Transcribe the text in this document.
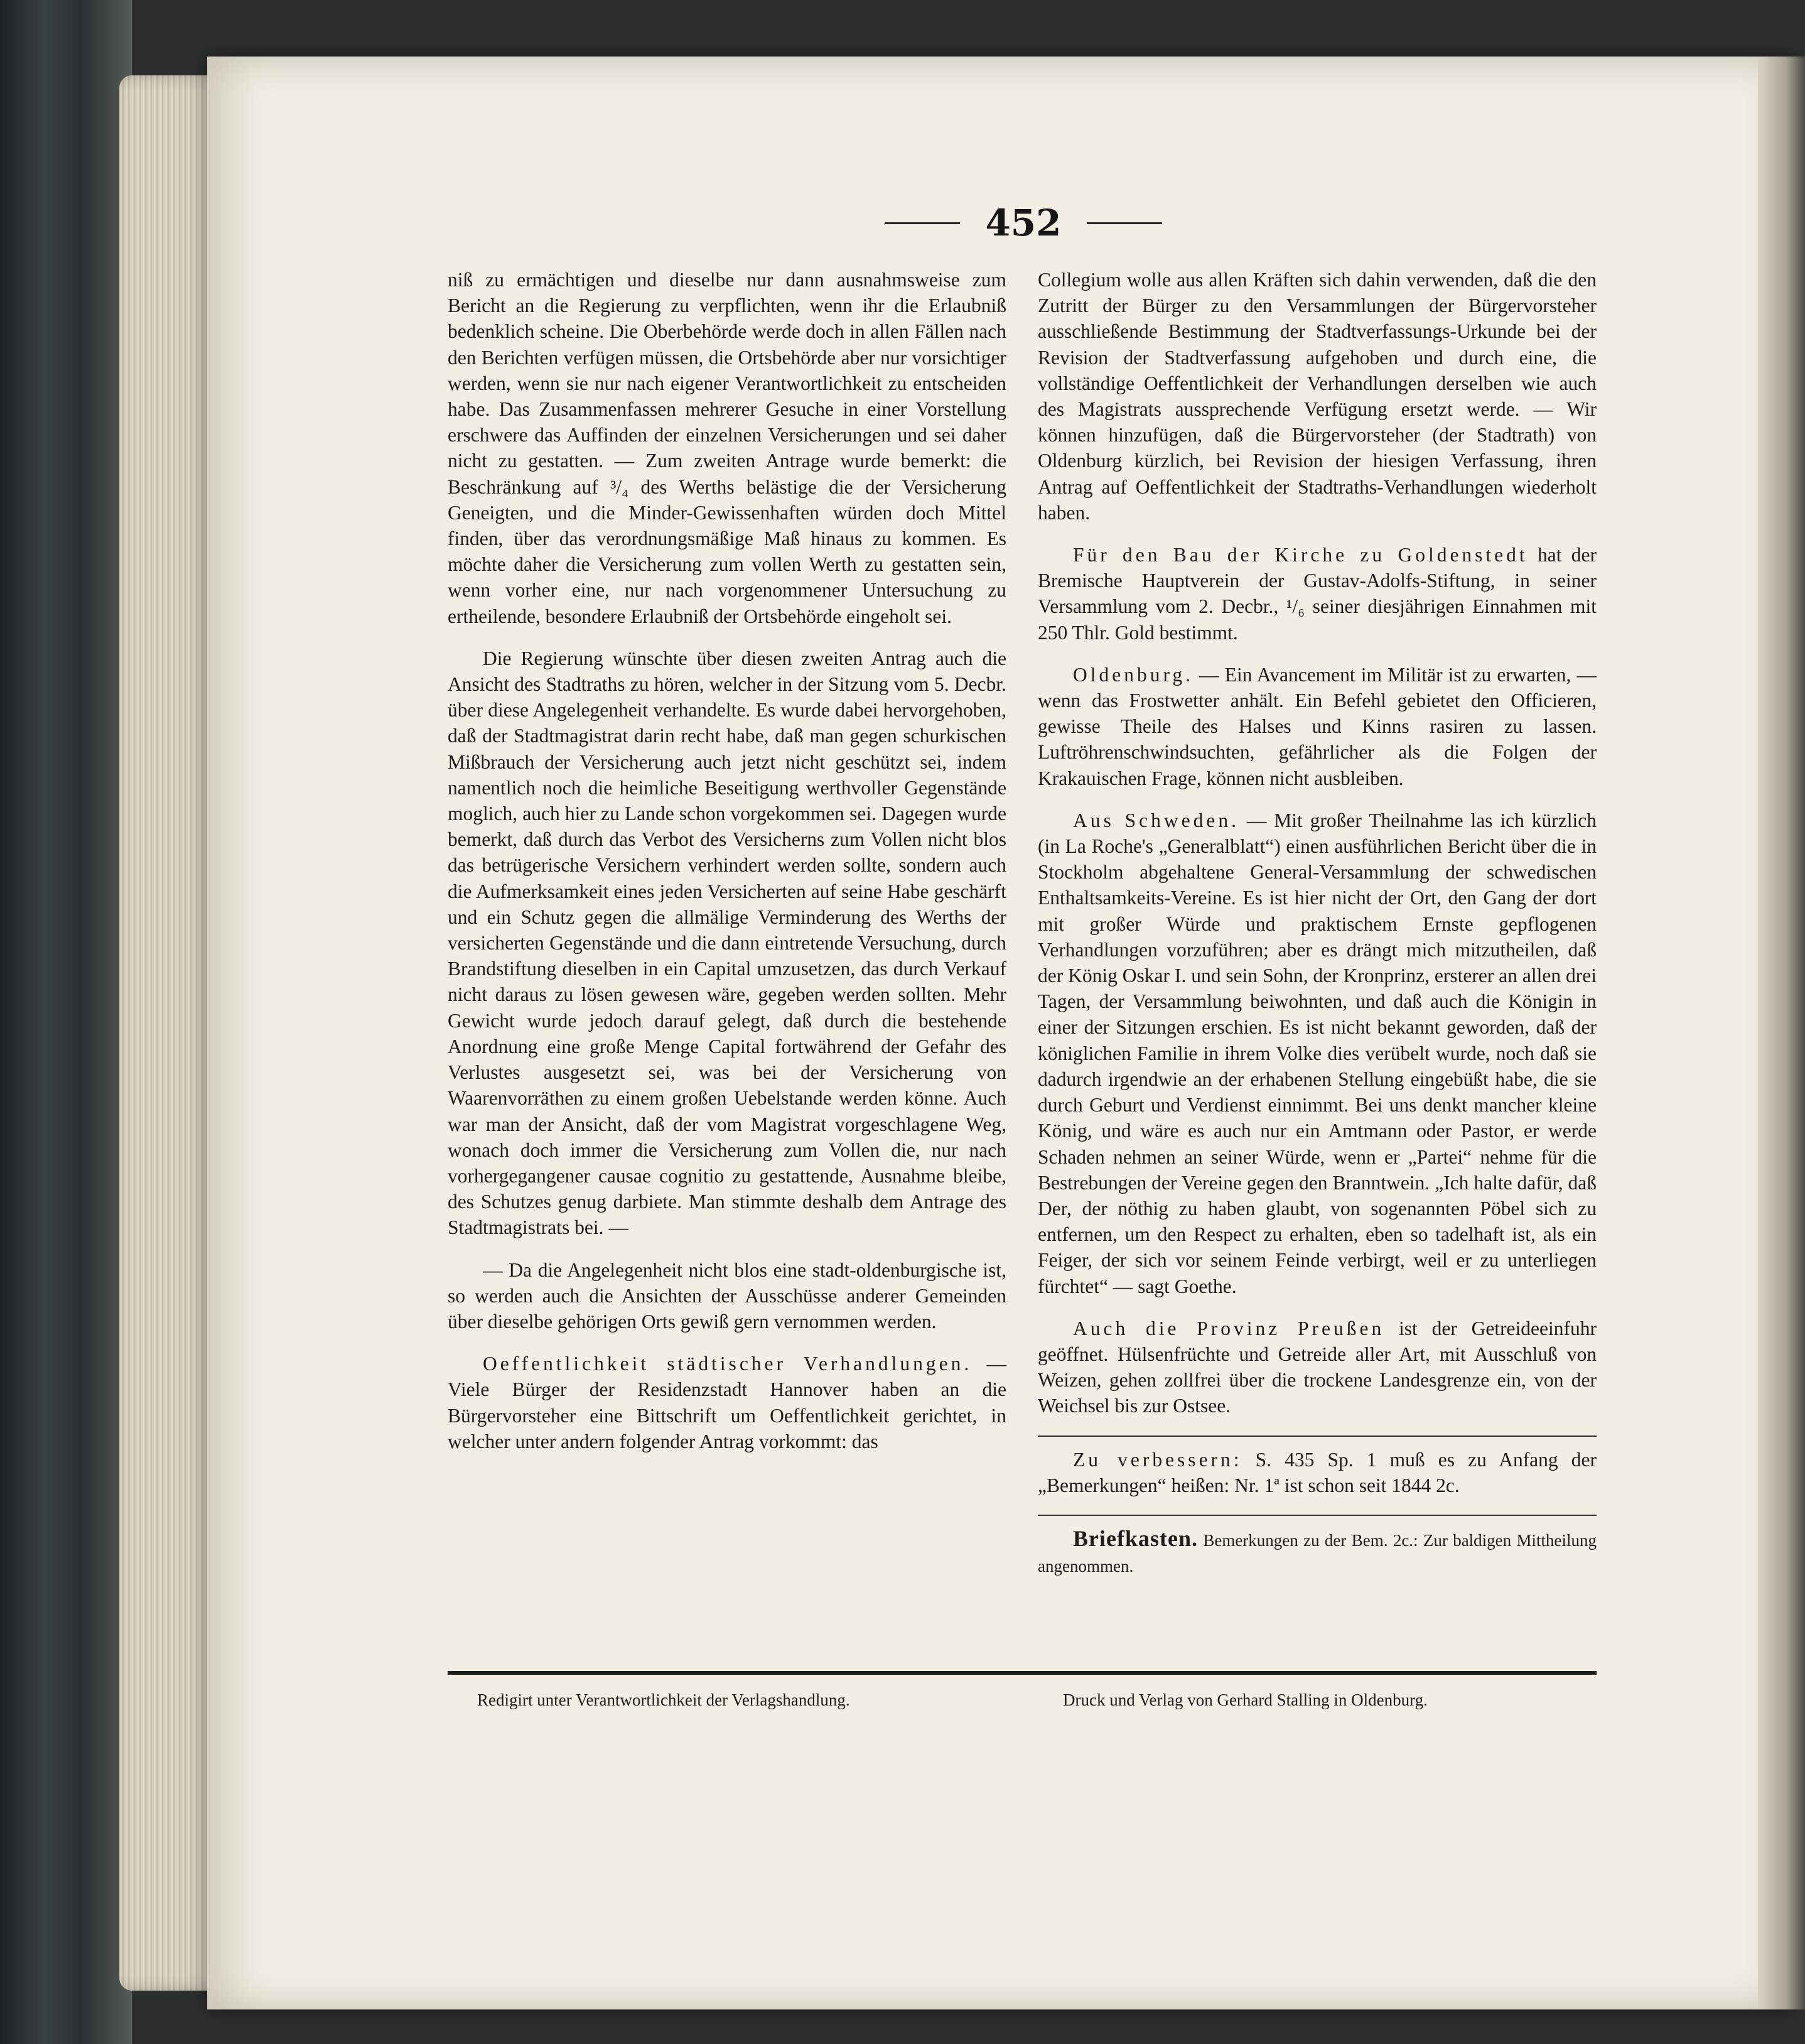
452

niß zu ermächtigen und dieselbe nur dann ausnahmsweise zum Bericht an die Regierung zu verpflichten, wenn ihr die Erlaubniß bedenklich scheine. Die Oberbehörde werde doch in allen Fällen nach den Berichten verfügen müssen, die Ortsbehörde aber nur vorsichtiger werden, wenn sie nur nach eigener Verantwortlichkeit zu entscheiden habe. Das Zusammenfassen mehrerer Gesuche in einer Vorstellung erschwere das Auffinden der einzelnen Versicherungen und sei daher nicht zu gestatten. — Zum zweiten Antrage wurde bemerkt: die Beschränkung auf ³/₄ des Werths belästige die der Versicherung Geneigten, und die Minder-Gewissenhaften würden doch Mittel finden, über das verordnungsmäßige Maß hinaus zu kommen. Es möchte daher die Versicherung zum vollen Werth zu gestatten sein, wenn vorher eine, nur nach vorgenommener Untersuchung zu ertheilende, besondere Erlaubniß der Ortsbehörde eingeholt sei.

Die Regierung wünschte über diesen zweiten Antrag auch die Ansicht des Stadtraths zu hören, welcher in der Sitzung vom 5. Decbr. über diese Angelegenheit verhandelte. Es wurde dabei hervorgehoben, daß der Stadtmagistrat darin recht habe, daß man gegen schurkischen Mißbrauch der Versicherung auch jetzt nicht geschützt sei, indem namentlich noch die heimliche Beseitigung werthvoller Gegenstände moglich, auch hier zu Lande schon vorgekommen sei. Dagegen wurde bemerkt, daß durch das Verbot des Versicherns zum Vollen nicht blos das betrügerische Versichern verhindert werden sollte, sondern auch die Aufmerksamkeit eines jeden Versicherten auf seine Habe geschärft und ein Schutz gegen die allmälige Verminderung des Werths der versicherten Gegenstände und die dann eintretende Versuchung, durch Brandstiftung dieselben in ein Capital umzusetzen, das durch Verkauf nicht daraus zu lösen gewesen wäre, gegeben werden sollten. Mehr Gewicht wurde jedoch darauf gelegt, daß durch die bestehende Anordnung eine große Menge Capital fortwährend der Gefahr des Verlustes ausgesetzt sei, was bei der Versicherung von Waarenvorräthen zu einem großen Uebelstande werden könne. Auch war man der Ansicht, daß der vom Magistrat vorgeschlagene Weg, wonach doch immer die Versicherung zum Vollen die, nur nach vorhergegangener causae cognitio zu gestattende, Ausnahme bleibe, des Schutzes genug darbiete. Man stimmte deshalb dem Antrage des Stadtmagistrats bei. —

— Da die Angelegenheit nicht blos eine stadt-oldenburgische ist, so werden auch die Ansichten der Ausschüsse anderer Gemeinden über dieselbe gehörigen Orts gewiß gern vernommen werden.

Oeffentlichkeit städtischer Verhandlungen. — Viele Bürger der Residenzstadt Hannover haben an die Bürgervorsteher eine Bittschrift um Oeffentlichkeit gerichtet, in welcher unter andern folgender Antrag vorkommt: das

Collegium wolle aus allen Kräften sich dahin verwenden, daß die den Zutritt der Bürger zu den Versammlungen der Bürgervorsteher ausschließende Bestimmung der Stadtverfassungs-Urkunde bei der Revision der Stadtverfassung aufgehoben und durch eine, die vollständige Oeffentlichkeit der Verhandlungen derselben wie auch des Magistrats aussprechende Verfügung ersetzt werde. — Wir können hinzufügen, daß die Bürgervorsteher (der Stadtrath) von Oldenburg kürzlich, bei Revision der hiesigen Verfassung, ihren Antrag auf Oeffentlichkeit der Stadtraths-Verhandlungen wiederholt haben.

Für den Bau der Kirche zu Goldenstedt hat der Bremische Hauptverein der Gustav-Adolfs-Stiftung, in seiner Versammlung vom 2. Decbr., ¹/₆ seiner diesjährigen Einnahmen mit 250 Thlr. Gold bestimmt.

Oldenburg. — Ein Avancement im Militär ist zu erwarten, — wenn das Frostwetter anhält. Ein Befehl gebietet den Officieren, gewisse Theile des Halses und Kinns rasiren zu lassen. Luftröhrenschwindsuchten, gefährlicher als die Folgen der Krakauischen Frage, können nicht ausbleiben.

Aus Schweden. — Mit großer Theilnahme las ich kürzlich (in La Roche's „Generalblatt“) einen ausführlichen Bericht über die in Stockholm abgehaltene General-Versammlung der schwedischen Enthaltsamkeits-Vereine. Es ist hier nicht der Ort, den Gang der dort mit großer Würde und praktischem Ernste gepflogenen Verhandlungen vorzuführen; aber es drängt mich mitzutheilen, daß der König Oskar I. und sein Sohn, der Kronprinz, ersterer an allen drei Tagen, der Versammlung beiwohnten, und daß auch die Königin in einer der Sitzungen erschien. Es ist nicht bekannt geworden, daß der königlichen Familie in ihrem Volke dies verübelt wurde, noch daß sie dadurch irgendwie an der erhabenen Stellung eingebüßt habe, die sie durch Geburt und Verdienst einnimmt. Bei uns denkt mancher kleine König, und wäre es auch nur ein Amtmann oder Pastor, er werde Schaden nehmen an seiner Würde, wenn er „Partei“ nehme für die Bestrebungen der Vereine gegen den Branntwein. „Ich halte dafür, daß Der, der nöthig zu haben glaubt, von sogenannten Pöbel sich zu entfernen, um den Respect zu erhalten, eben so tadelhaft ist, als ein Feiger, der sich vor seinem Feinde verbirgt, weil er zu unterliegen fürchtet“ — sagt Goethe.

Auch die Provinz Preußen ist der Getreideeinfuhr geöffnet. Hülsenfrüchte und Getreide aller Art, mit Ausschluß von Weizen, gehen zollfrei über die trockene Landesgrenze ein, von der Weichsel bis zur Ostsee.

Zu verbessern: S. 435 Sp. 1 muß es zu Anfang der „Bemerkungen“ heißen: Nr. 1ª ist schon seit 1844 2c.

Briefkasten. Bemerkungen zu der Bem. 2c.: Zur baldigen Mittheilung angenommen.

Redigirt unter Verantwortlichkeit der Verlagshandlung.	Druck und Verlag von Gerhard Stalling in Oldenburg.
